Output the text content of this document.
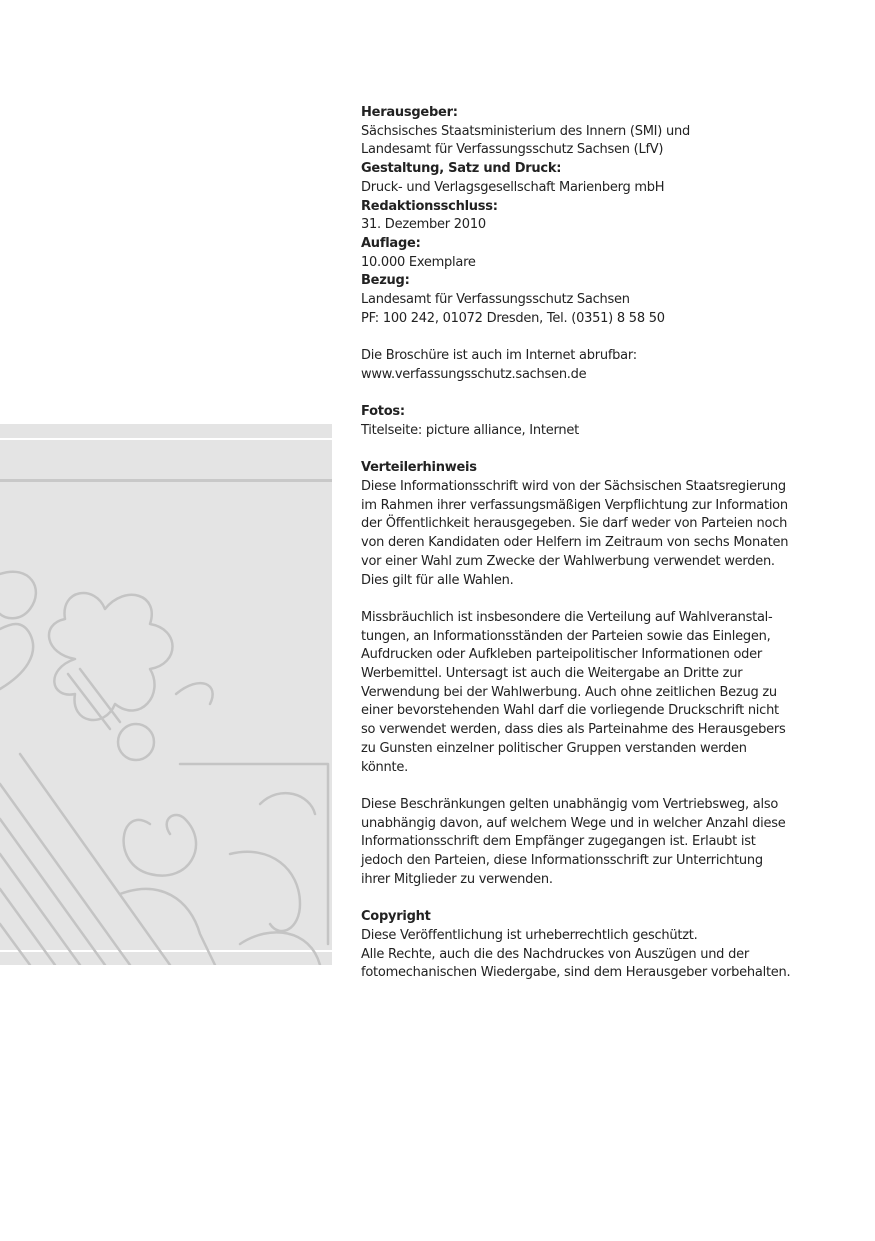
Herausgeber:

Sächsisches Staatsministerium des Innern (SMI) und

Landesamt für Verfassungsschutz Sachsen (LfV)

Gestaltung, Satz und Druck:

Druck- und Verlagsgesellschaft Marienberg mbH

Redaktionsschluss:

31. Dezember 2010

Auflage:

10.000 Exemplare

Bezug:

Landesamt für Verfassungsschutz Sachsen

PF: 100 242, 01072 Dresden, Tel. (0351) 8 58 50

Die Broschüre ist auch im Internet abrufbar:

www.verfassungsschutz.sachsen.de

Fotos:

Titelseite: picture alliance, Internet

Verteilerhinweis

Diese Informationsschrift wird von der Sächsischen Staatsregierung

im Rahmen ihrer verfassungsmäßigen Verpflichtung zur Information

der Öffentlichkeit herausgegeben. Sie darf weder von Parteien noch

von deren Kandidaten oder Helfern im Zeitraum von sechs Monaten

vor einer Wahl zum Zwecke der Wahlwerbung verwendet werden.

Dies gilt für alle Wahlen.

Missbräuchlich ist insbesondere die Verteilung auf Wahlveranstal-

tungen, an Informationsständen der Parteien sowie das Einlegen,

Aufdrucken oder Aufkleben parteipolitischer Informationen oder

Werbemittel. Untersagt ist auch die Weitergabe an Dritte zur

Verwendung bei der Wahlwerbung. Auch ohne zeitlichen Bezug zu

einer bevorstehenden Wahl darf die vorliegende Druckschrift nicht

so verwendet werden, dass dies als Parteinahme des Herausgebers

zu Gunsten einzelner politischer Gruppen verstanden werden könnte.

Diese Beschränkungen gelten unabhängig vom Vertriebsweg, also

unabhängig davon, auf welchem Wege und in welcher Anzahl diese

Informationsschrift dem Empfänger zugegangen ist. Erlaubt ist

jedoch den Parteien, diese Informationsschrift zur Unterrichtung

ihrer Mitglieder zu verwenden.

Copyright

Diese Veröffentlichung ist urheberrechtlich geschützt.

Alle Rechte, auch die des Nachdruckes von Auszügen und der

fotomechanischen Wiedergabe, sind dem Herausgeber vorbehalten.
